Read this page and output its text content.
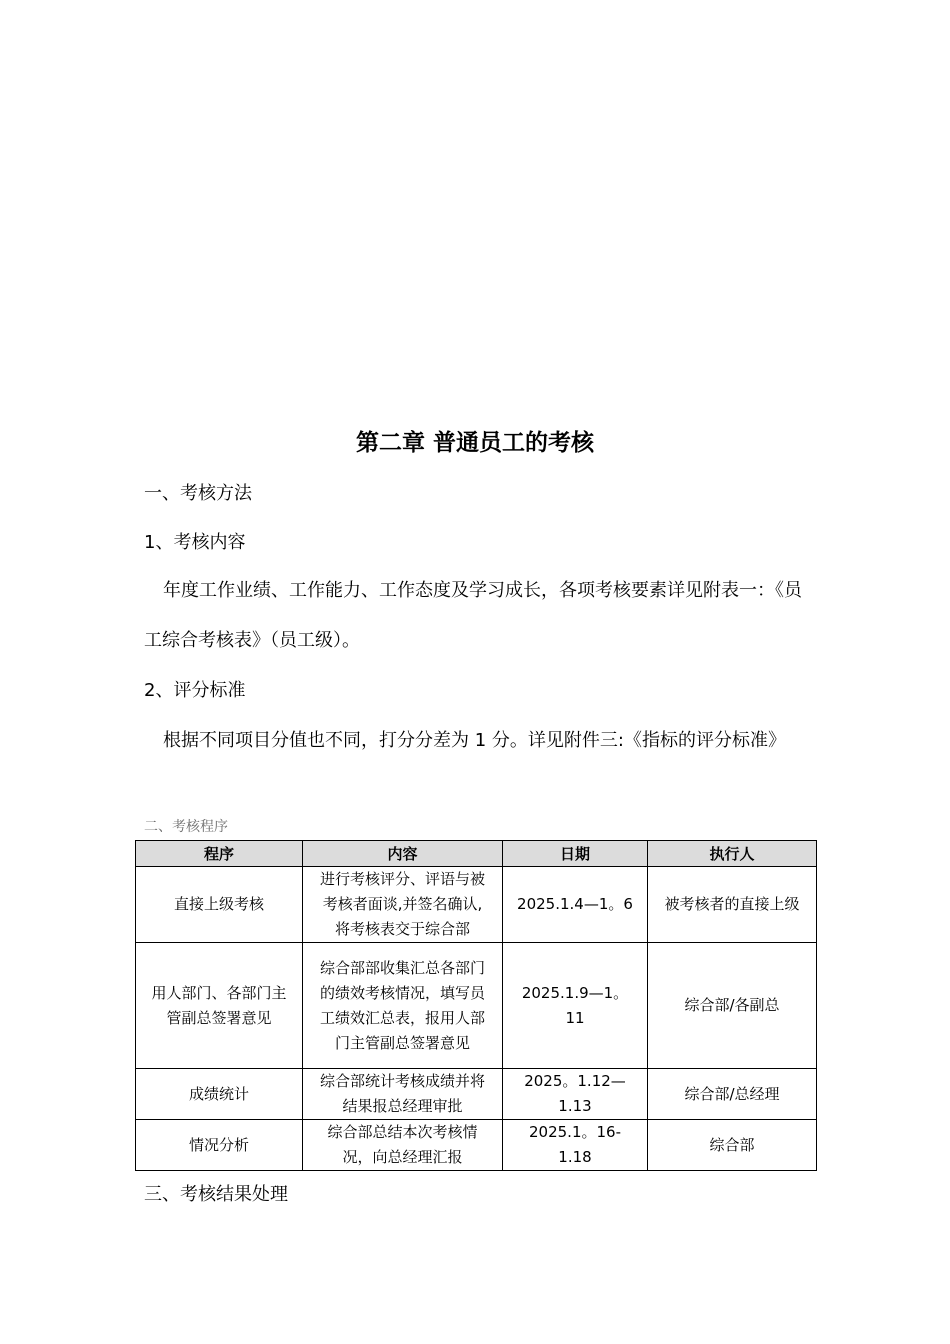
第二章 普通员工的考核
一、考核方法
1、考核内容
年度工作业绩、工作能力、工作态度及学习成长，各项考核要素详见附表一：《员工综合考核表》（员工级）。
2、评分标准
根据不同项目分值也不同，打分分差为 1 分。详见附件三:《指标的评分标准》
二、考核程序
程序	内容	日期	执行人
直接上级考核	进行考核评分、评语与被考核者面谈,并签名确认,将考核表交于综合部	2025.1.4—1。6	被考核者的直接上级
用人部门、各部门主管副总签署意见	综合部部收集汇总各部门的绩效考核情况，填写员工绩效汇总表，报用人部门主管副总签署意见	2025.1.9—1。11	综合部/各副总
成绩统计	综合部统计考核成绩并将结果报总经理审批	2025。1.12—1.13	综合部/总经理
情况分析	综合部总结本次考核情况，向总经理汇报	2025.1。16-1.18	综合部
三、考核结果处理
